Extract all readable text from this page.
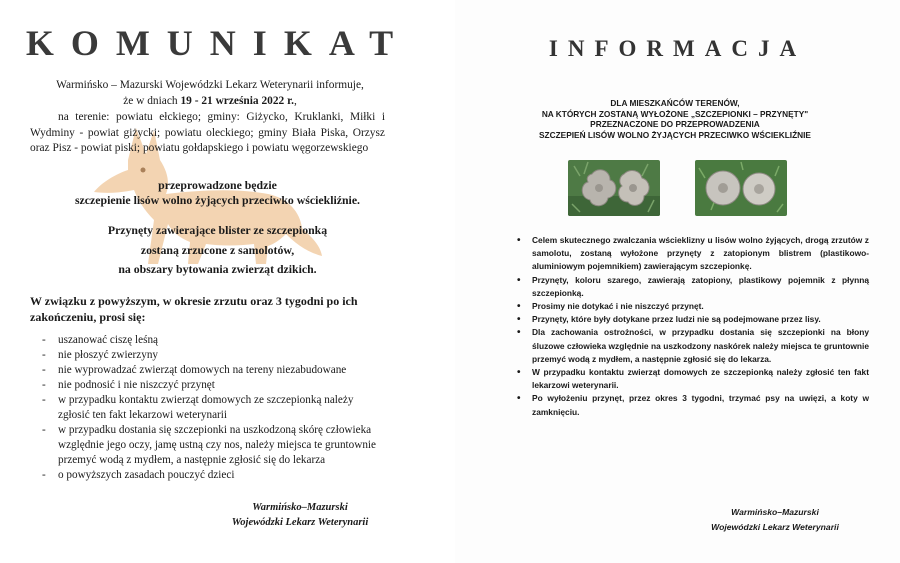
KOMUNIKAT

Warmińsko – Mazurski Wojewódzki Lekarz Weterynarii informuje,
że w dniach 19 - 21 września 2022 r.,

na terenie: powiatu ełckiego; gminy: Giżycko, Kruklanki, Miłki i Wydminy - powiat giżycki; powiatu oleckiego; gminy Biała Piska, Orzysz oraz Pisz - powiat piski; powiatu gołdapskiego i powiatu węgorzewskiego

przeprowadzone będzie

szczepienie lisów wolno żyjących przeciwko wściekliźnie.

Przynęty zawierające blister ze szczepionką

zostaną zrzucone z samolotów,

na obszary bytowania zwierząt dzikich.

W związku z powyższym, w okresie zrzutu oraz 3 tygodni po ich zakończeniu, prosi się:

- uszanować ciszę leśną
- nie płoszyć zwierzyny
- nie wyprowadzać zwierząt domowych na tereny niezabudowane
- nie podnosić i nie niszczyć przynęt
- w przypadku kontaktu zwierząt domowych ze szczepionką należy zgłosić ten fakt lekarzowi weterynarii
- w przypadku dostania się szczepionki na uszkodzoną skórę człowieka względnie jego oczy, jamę ustną czy nos, należy miejsca te gruntownie przemyć wodą z mydłem, a następnie zgłosić się do lekarza
- o powyższych zasadach pouczyć dzieci
Warmińsko–Mazurski
Wojewódzki Lekarz Weterynarii
INFORMACJA
DLA MIESZKAŃCÓW TERENÓW,
NA KTÓRYCH ZOSTANĄ WYŁOŻONE „SZCZEPIONKI – PRZYNĘTY"
PRZEZNACZONE DO PRZEPROWADZENIA
SZCZEPIEŃ LISÓW WOLNO ŻYJĄCYCH PRZECIWKO WŚCIEKLIŹNIE
• Celem skutecznego zwalczania wścieklizny u lisów wolno żyjących, drogą zrzutów z samolotu, zostaną wyłożone przynęty z zatopionym blistrem (plastikowo-aluminiowym pojemnikiem) zawierającym szczepionkę.
• Przynęty, koloru szarego, zawierają zatopiony, plastikowy pojemnik z płynną szczepionką.
• Prosimy nie dotykać i nie niszczyć przynęt.
• Przynęty, które były dotykane przez ludzi nie są podejmowane przez lisy.
• Dla zachowania ostrożności, w przypadku dostania się szczepionki na błony śluzowe człowieka względnie na uszkodzony naskórek należy miejsca te gruntownie przemyć wodą z mydłem, a następnie zgłosić się do lekarza.
• W przypadku kontaktu zwierząt domowych ze szczepionką należy zgłosić ten fakt lekarzowi weterynarii.
• Po wyłożeniu przynęt, przez okres 3 tygodni, trzymać psy na uwięzi, a koty w zamknięciu.
Warmińsko–Mazurski
Wojewódzki Lekarz Weterynarii
